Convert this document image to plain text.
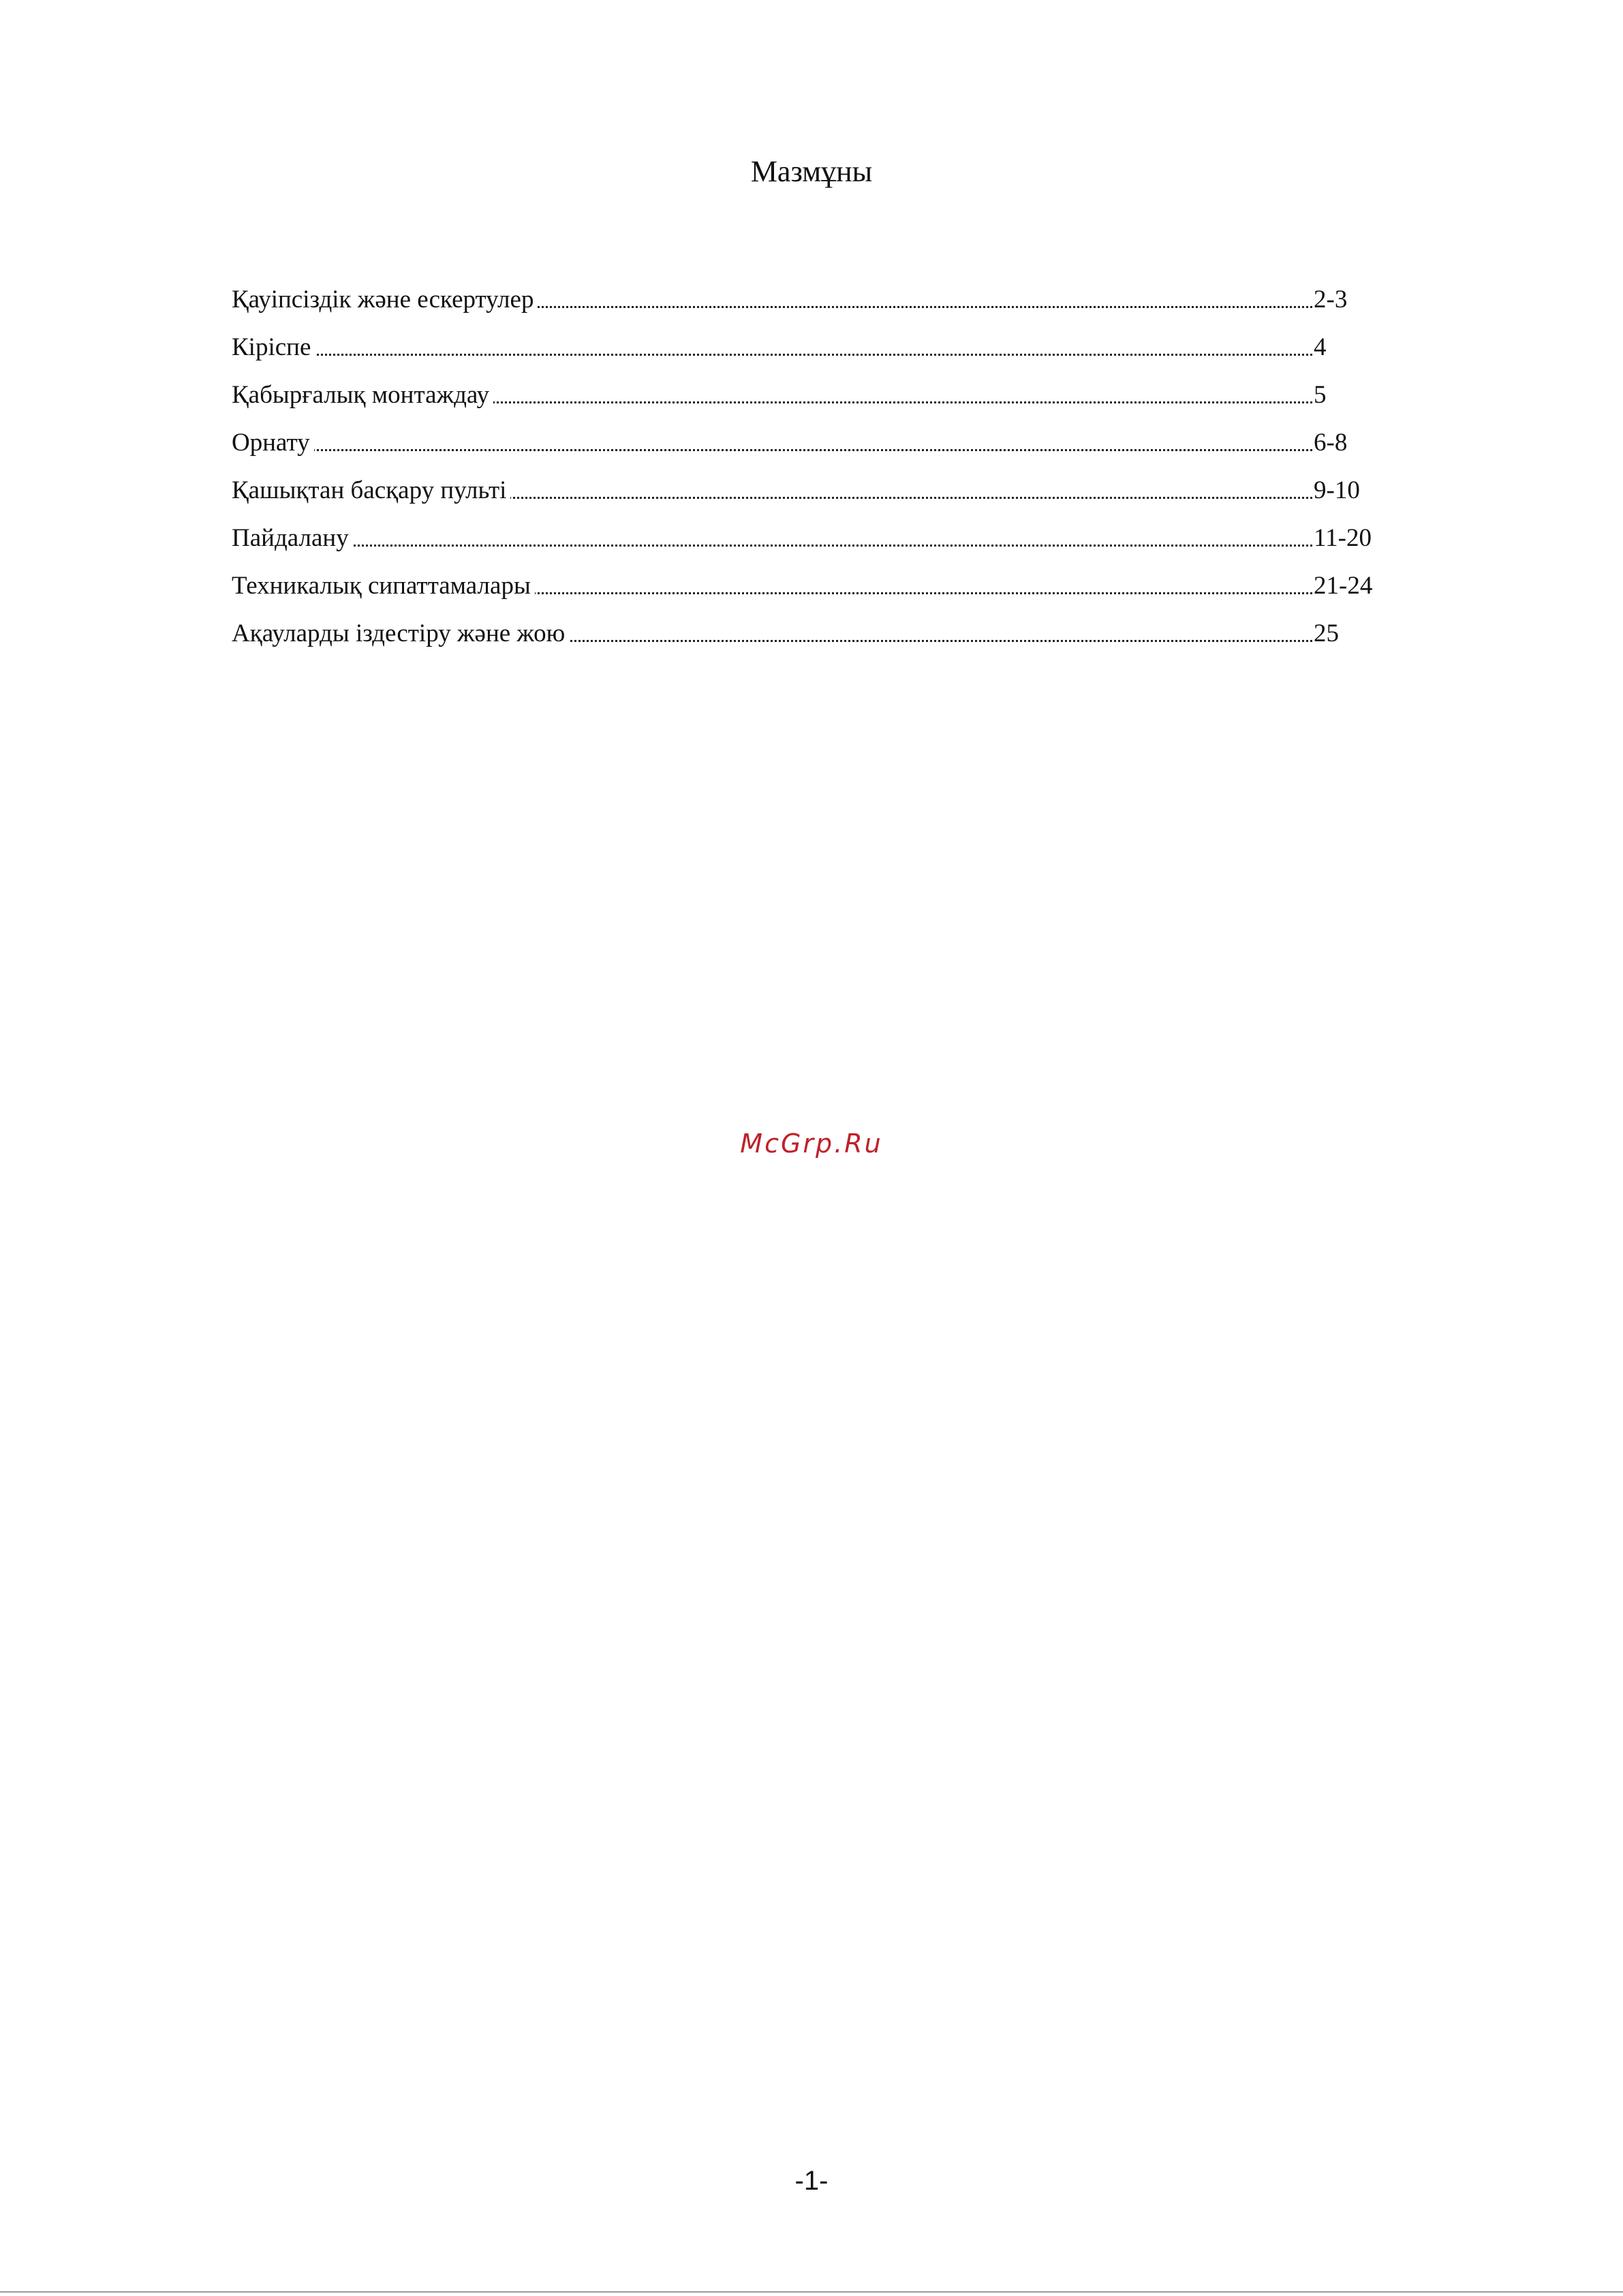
Мазмұны
Қауіпсіздік және ескертулер	2-3
Кіріспе	4
Қабырғалық монтаждау	5
Орнату	6-8
Қашықтан басқару пульті	9-10
Пайдалану	11-20
Техникалық сипаттамалары	21-24
Ақауларды іздестіру және жою	25
McGrp.Ru
-1-
